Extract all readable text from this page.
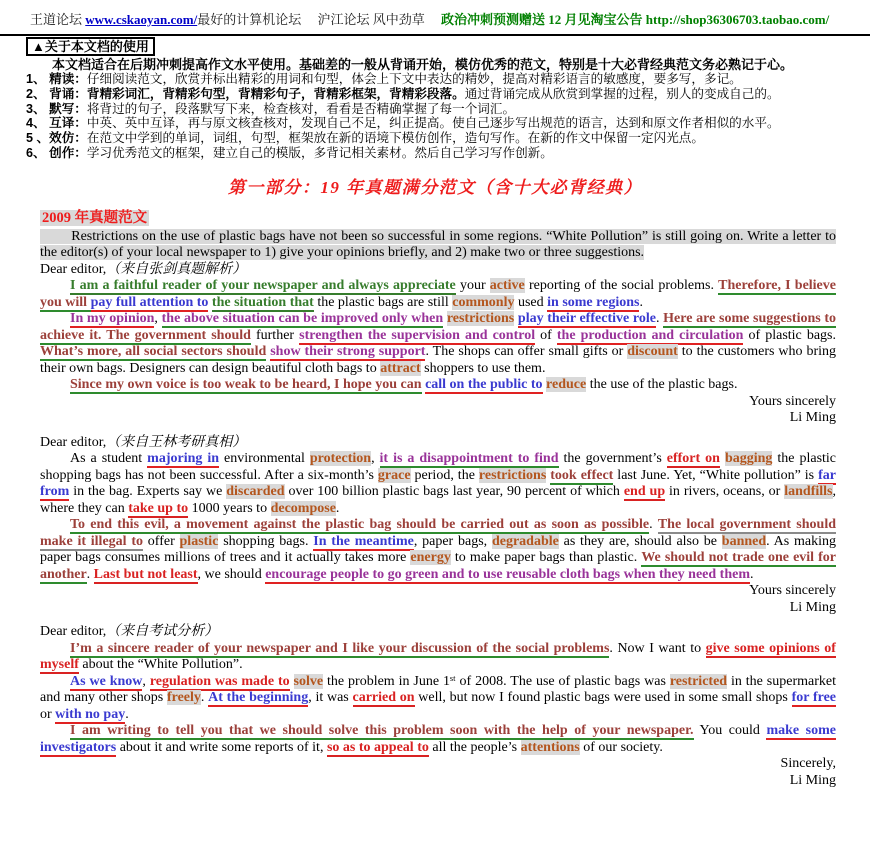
王道论坛 www.cskaoyan.com/最好的计算机论坛　 沪江论坛 风中劲草　 政治冲刺预测赠送 12 月见淘宝公告 http://shop36306703.taobao.com/
▲关于本文档的使用
本文档适合在后期冲刺提高作文水平使用。基础差的一般从背诵开始，模仿优秀的范文，特别是十大必背经典范文务必熟记于心。
1、 精读：仔细阅读范文，欣赏并标出精彩的用词和句型，体会上下文中表达的精妙，提高对精彩语言的敏感度，要多写，多记。
2、 背诵：背精彩词汇，背精彩句型，背精彩句子，背精彩框架，背精彩段落。通过背诵完成从欣赏到掌握的过程，别人的变成自己的。
3、 默写：将背过的句子，段落默写下来，检查核对，看看是否精确掌握了每一个词汇。
4、 互译：中英、英中互译，再与原文核查核对，发现自己不足，纠正提高。使自己逐步写出规范的语言，达到和原文作者相似的水平。
5 、效仿：在范文中学到的单词，词组，句型，框架放在新的语境下模仿创作，造句写作。在新的作文中保留一定闪光点。
6、 创作：学习优秀范文的框架，建立自己的模版，多背记相关素材。然后自己学习写作创新。
第一部分：19 年真题满分范文（含十大必背经典）
2009 年真题范文

Restrictions on the use of plastic bags have not been so successful in some regions. “White Pollution” is still going on. Write a letter to the editor(s) of your local newspaper to 1) give your opinions briefly, and 2) make two or three suggestions.

Dear editor,（来自张剑真题解析）

I am a faithful reader of your newspaper and always appreciate your active reporting of the social problems. Therefore, I believe you will pay full attention to the situation that the plastic bags are still commonly used in some regions.

In my opinion, the above situation can be improved only when restrictions play their effective role. Here are some suggestions to achieve it. The government should further strengthen the supervision and control of the production and circulation of plastic bags. What’s more, all social sectors should show their strong support. The shops can offer small gifts or discount to the customers who bring their own bags. Designers can design beautiful cloth bags to attract shoppers to use them.

Since my own voice is too weak to be heard, I hope you can call on the public to reduce the use of the plastic bags.

Yours sincerely

Li Ming

Dear editor,（来自王林考研真相）

As a student majoring in environmental protection, it is a disappointment to find the government’s effort on bagging the plastic shopping bags has not been successful. After a six-month’s grace period, the restrictions took effect last June. Yet, “White pollution” is far from in the bag. Experts say we discarded over 100 billion plastic bags last year, 90 percent of which end up in rivers, oceans, or landfills, where they can take up to 1000 years to decompose.

To end this evil, a movement against the plastic bag should be carried out as soon as possible. The local government should make it illegal to offer plastic shopping bags. In the meantime, paper bags, degradable as they are, should also be banned. As making paper bags consumes millions of trees and it actually takes more energy to make paper bags than plastic. We should not trade one evil for another. Last but not least, we should encourage people to go green and to use reusable cloth bags when they need them.

Yours sincerely

Li Ming

Dear editor,（来自考试分析）

I’m a sincere reader of your newspaper and I like your discussion of the social problems. Now I want to give some opinions of myself about the “White Pollution”.

As we know, regulation was made to solve the problem in June 1ˢᵗ of 2008. The use of plastic bags was restricted in the supermarket and many other shops freely. At the beginning, it was carried on well, but now I found plastic bags were used in some small shops for free or with no pay.

I am writing to tell you that we should solve this problem soon with the help of your newspaper. You could make some investigators about it and write some reports of it, so as to appeal to all the people’s attentions of our society.

Sincerely,

Li Ming
